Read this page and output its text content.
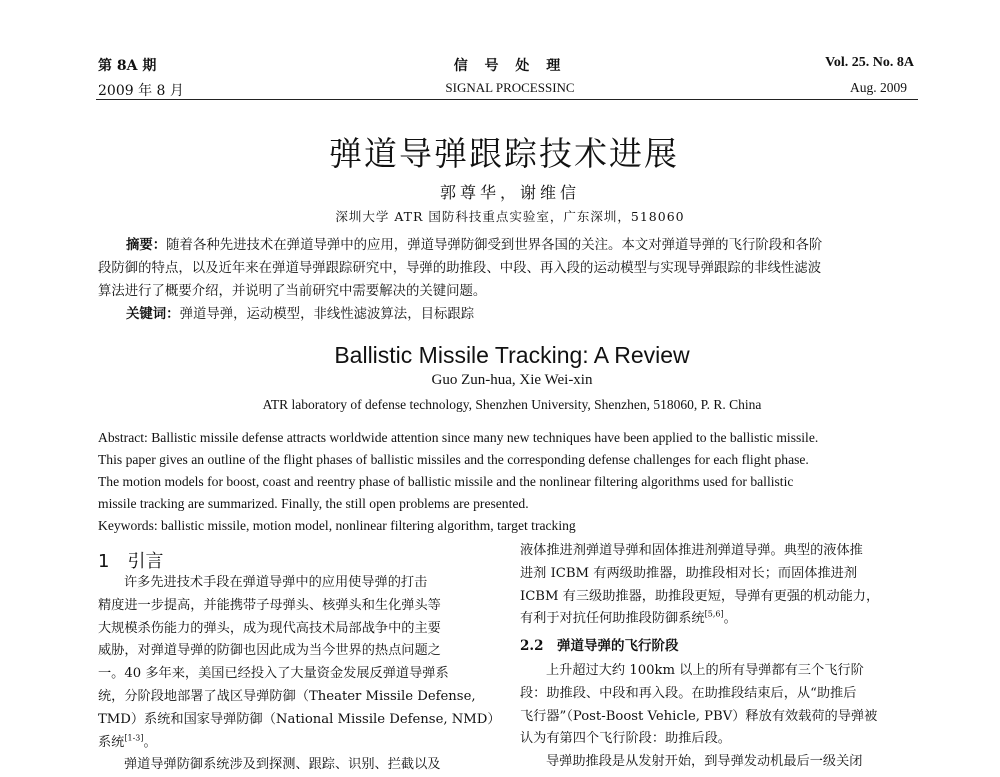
第 8A 期
2009 年 8 月
信 号 处 理
SIGNAL PROCESSINC
Vol. 25. No. 8A
Aug. 2009
弹道导弹跟踪技术进展
郭尊华，谢维信
深圳大学 ATR 国防科技重点实验室，广东深圳，518060
摘要：随着各种先进技术在弹道导弹中的应用，弹道导弹防御受到世界各国的关注。本文对弹道导弹的飞行阶段和各阶
段防御的特点，以及近年来在弹道导弹跟踪研究中，导弹的助推段、中段、再入段的运动模型与实现导弹跟踪的非线性滤波
算法进行了概要介绍，并说明了当前研究中需要解决的关键问题。
关键词：弹道导弹，运动模型，非线性滤波算法，目标跟踪
Ballistic Missile Tracking: A Review
Guo Zun-hua, Xie Wei-xin
ATR laboratory of defense technology, Shenzhen University, Shenzhen, 518060, P. R. China
Abstract: Ballistic missile defense attracts worldwide attention since many new techniques have been applied to the ballistic missile.
This paper gives an outline of the flight phases of ballistic missiles and the corresponding defense challenges for each flight phase.
The motion models for boost, coast and reentry phase of ballistic missile and the nonlinear filtering algorithms used for ballistic
missile tracking are summarized. Finally, the still open problems are presented.
Keywords: ballistic missile, motion model, nonlinear filtering algorithm, target tracking
1　引言
许多先进技术手段在弹道导弹中的应用使导弹的打击
精度进一步提高，并能携带子母弹头、核弹头和生化弹头等
大规模杀伤能力的弹头，成为现代高技术局部战争中的主要
威胁，对弹道导弹的防御也因此成为当今世界的热点问题之
一。40 多年来，美国已经投入了大量资金发展反弹道导弹系
统，分阶段地部署了战区导弹防御（Theater Missile Defense,
TMD）系统和国家导弹防御（National Missile Defense, NMD）
系统[1-3]。
弹道导弹防御系统涉及到探测、跟踪、识别、拦截以及
液体推进剂弹道导弹和固体推进剂弹道导弹。典型的液体推
进剂 ICBM 有两级助推器，助推段相对长；而固体推进剂
ICBM 有三级助推器，助推段更短，导弹有更强的机动能力，
有利于对抗任何助推段防御系统[5,6]。
2.2　弹道导弹的飞行阶段
上升超过大约 100km 以上的所有导弹都有三个飞行阶
段：助推段、中段和再入段。在助推段结束后，从“助推后
飞行器”（Post-Boost Vehicle, PBV）释放有效载荷的导弹被
认为有第四个飞行阶段：助推后段。
导弹助推段是从发射开始，到导弹发动机最后一级关闭
